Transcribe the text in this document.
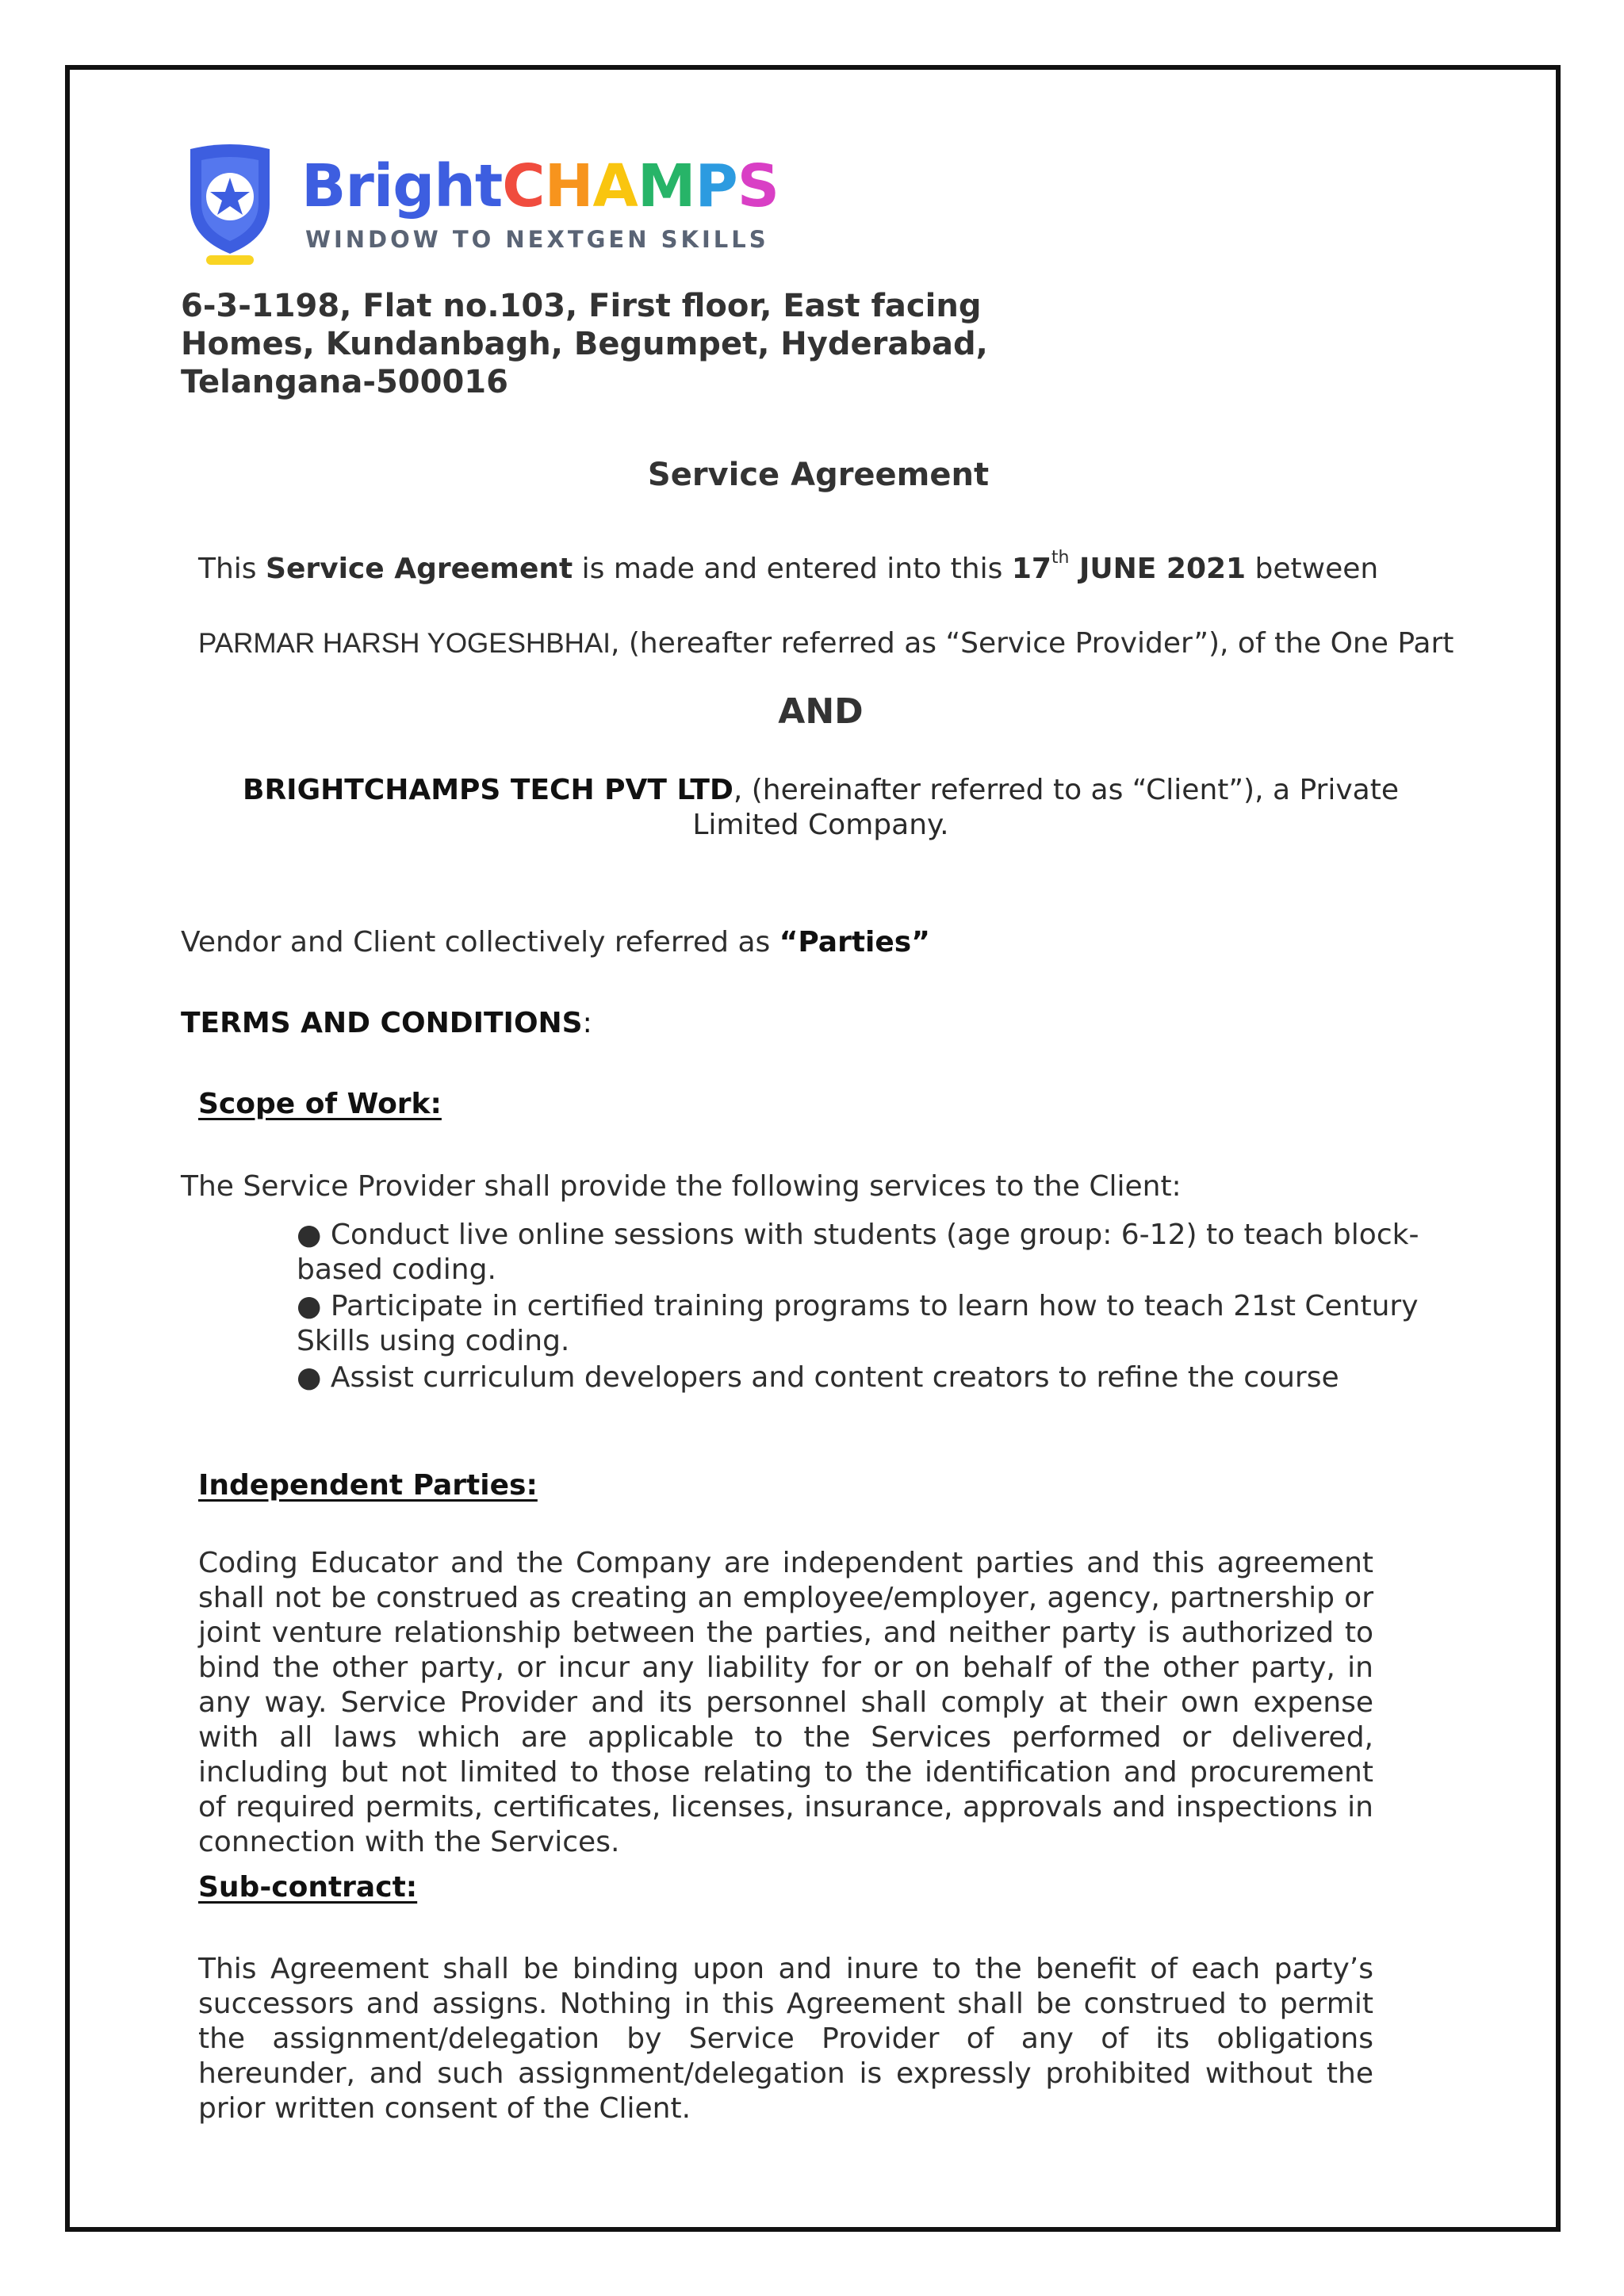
BrightCHAMPS
WINDOW TO NEXTGEN SKILLS
6-3-1198, Flat no.103, First floor, East facing
Homes, Kundanbagh, Begumpet, Hyderabad,
Telangana-500016
Service Agreement
This Service Agreement is made and entered into this 17th JUNE 2021 between
PARMAR HARSH YOGESHBHAI, (hereafter referred as “Service Provider”), of the One Part
AND
BRIGHTCHAMPS TECH PVT LTD, (hereinafter referred to as “Client”), a Private Limited Company.
Vendor and Client collectively referred as “Parties”
TERMS AND CONDITIONS:
Scope of Work:
The Service Provider shall provide the following services to the Client:

● Conduct live online sessions with students (age group: 6-12) to teach block-based coding.

● Participate in certified training programs to learn how to teach 21st Century Skills using coding.

● Assist curriculum developers and content creators to refine the course

Independent Parties:
Coding Educator and the Company are independent parties and this agreement shall not be construed as creating an employee/employer, agency, partnership or joint venture relationship between the parties, and neither party is authorized to bind the other party, or incur any liability for or on behalf of the other party, in any way. Service Provider and its personnel shall comply at their own expense with all laws which are applicable to the Services performed or delivered, including but not limited to those relating to the identification and procurement of required permits, certificates, licenses, insurance, approvals and inspections in connection with the Services.
Sub-contract:
This Agreement shall be binding upon and inure to the benefit of each party’s successors and assigns. Nothing in this Agreement shall be construed to permit the assignment/delegation by Service Provider of any of its obligations hereunder, and such assignment/delegation is expressly prohibited without the prior written consent of the Client.
